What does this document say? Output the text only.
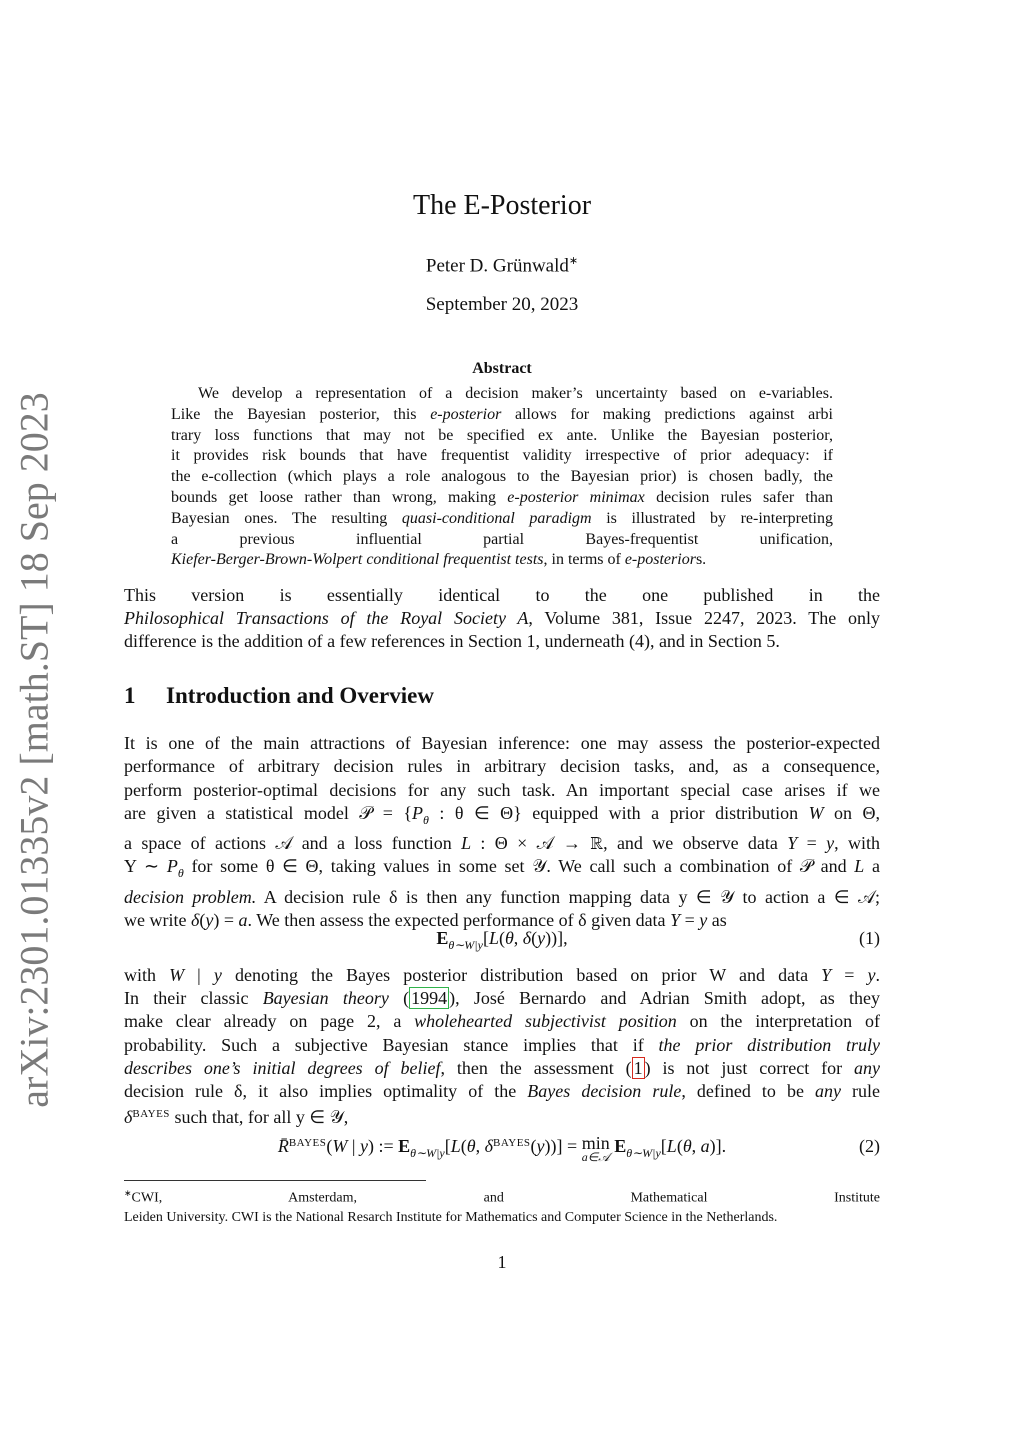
arXiv:2301.01335v2 [math.ST] 18 Sep 2023
The E-Posterior
Peter D. Grünwald∗
September 20, 2023
Abstract
We develop a representation of a decision maker’s uncertainty based on e-variables.
Like the Bayesian posterior, this e-posterior allows for making predictions against arbi
trary loss functions that may not be specified ex ante. Unlike the Bayesian posterior,
it provides risk bounds that have frequentist validity irrespective of prior adequacy: if
the e-collection (which plays a role analogous to the Bayesian prior) is chosen badly, the
bounds get loose rather than wrong, making e-posterior minimax decision rules safer than
Bayesian ones. The resulting quasi-conditional paradigm is illustrated by re-interpreting
a previous influential partial Bayes-frequentist unification,
Kiefer-Berger-Brown-Wolpert conditional frequentist tests, in terms of e-posteriors.
This version is essentially identical to the one published in the
Philosophical Transactions of the Royal Society A, Volume 381, Issue 2247, 2023. The only
difference is the addition of a few references in Section 1, underneath (4), and in Section 5.
1 Introduction and Overview
It is one of the main attractions of Bayesian inference: one may assess the posterior-expected
performance of arbitrary decision rules in arbitrary decision tasks, and, as a consequence,
perform posterior-optimal decisions for any such task. An important special case arises if we
are given a statistical model 𝒫 = {$P_\theta$ : θ ∈ Θ} equipped with a prior distribution W on Θ,
a space of actions 𝒜 and a loss function L : Θ × 𝒜 → ℝ, and we observe data Y = y, with
Y ∼ $P_\theta$ for some θ ∈ Θ, taking values in some set 𝒴. We call such a combination of 𝒫 and L a
decision problem. A decision rule δ is then any function mapping data y ∈ 𝒴 to action a ∈ 𝒜;
we write δ(y) = a. We then assess the expected performance of δ given data Y = y as
$E_{\theta\sim W|y}[L(\theta$, δ(y))],	(1)
with W | y denoting the Bayes posterior distribution based on prior W and data Y = y.
In their classic Bayesian theory ( 1994 ), José Bernardo and Adrian Smith adopt, as they
make clear already on page 2, a wholehearted subjectivist position on the interpretation of
probability. Such a subjective Bayesian stance implies that if the prior distribution truly
describes one’s initial degrees of belief, then the assessment ( 1 ) is not just correct for any
decision rule δ, it also implies optimality of the Bayes decision rule, defined to be any rule
$\delta^{BAYES}$ such that, for all y ∈ 𝒴,
R̄$^{BAYES}$(W | y) := $E_{\theta\sim W|y}[L(\theta$, $\delta^{BAYES}(y))] = \min$
a∈𝒜
$E_{\theta\sim W|y}[L(\theta$, a)].	(2)
∗CWI, Amsterdam, and Mathematical Institute
Leiden University. CWI is the National Resarch Institute for Mathematics and Computer Science in the Netherlands.
1
